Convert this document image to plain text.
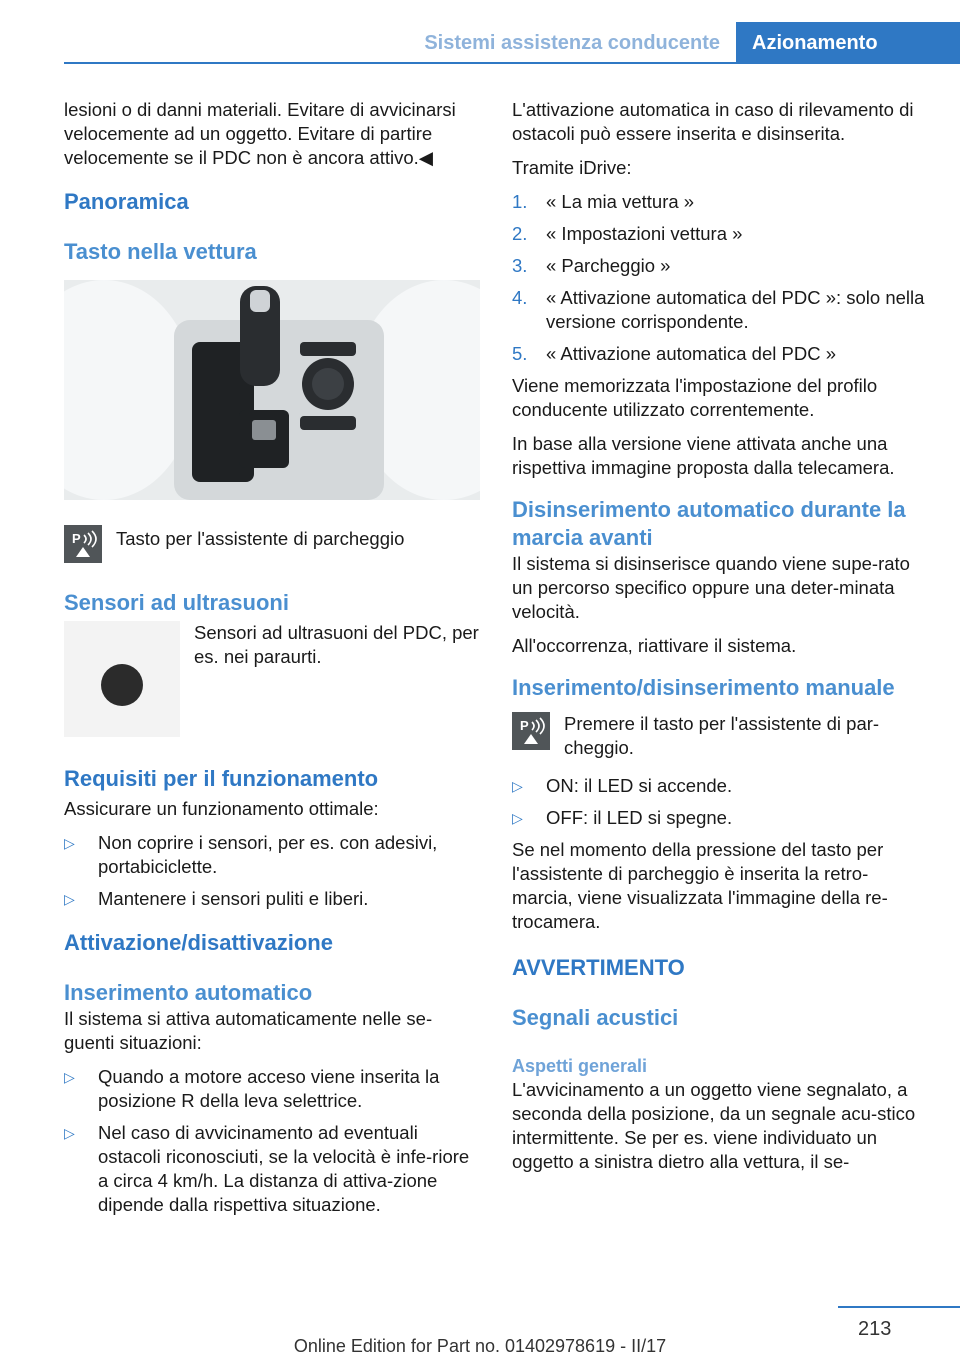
Sistemi assistenza conducente	Azionamento

lesioni o di danni materiali. Evitare di avvicinarsi velocemente ad un oggetto. Evitare di partire velocemente se il PDC non è ancora attivo.◀

Panoramica
Tasto nella vettura
P Tasto per l'assistente di parcheggio

Sensori ad ultrasuoni

Sensori ad ultrasuoni del PDC, per es. nei paraurti.

Requisiti per il funzionamento

Assicurare un funzionamento ottimale:

▷ Non coprire i sensori, per es. con adesivi, portabiciclette.
▷ Mantenere i sensori puliti e liberi.
Attivazione/disattivazione
Inserimento automatico

Il sistema si attiva automaticamente nelle se‐guenti situazioni:

▷ Quando a motore acceso viene inserita la posizione R della leva selettrice.
▷ Nel caso di avvicinamento ad eventuali ostacoli riconosciuti, se la velocità è infe‐riore a circa 4 km/h. La distanza di attiva‐zione dipende dalla rispettiva situazione.

L'attivazione automatica in caso di rilevamento di ostacoli può essere inserita e disinserita.

Tramite iDrive:

1. « La mia vettura »
2. « Impostazioni vettura »
3. « Parcheggio »
4. « Attivazione automatica del PDC »: solo nella versione corrispondente.
5. « Attivazione automatica del PDC »

Viene memorizzata l'impostazione del profilo conducente utilizzato correntemente.

In base alla versione viene attivata anche una rispettiva immagine proposta dalla telecamera.

Disinserimento automatico durante la marcia avanti

Il sistema si disinserisce quando viene supe‐rato un percorso specifico oppure una deter‐minata velocità.

All'occorrenza, riattivare il sistema.

Inserimento/disinserimento manuale
P Premere il tasto per l'assistente di par‐cheggio.

▷ ON: il LED si accende.
▷ OFF: il LED si spegne.

Se nel momento della pressione del tasto per l'assistente di parcheggio è inserita la retro‐marcia, viene visualizzata l'immagine della re‐trocamera.

AVVERTIMENTO
Segnali acustici
Aspetti generali

L'avvicinamento a un oggetto viene segnalato, a seconda della posizione, da un segnale acu‐stico intermittente. Se per es. viene individuato un oggetto a sinistra dietro alla vettura, il se‐

213
Online Edition for Part no. 01402978619 - II/17
